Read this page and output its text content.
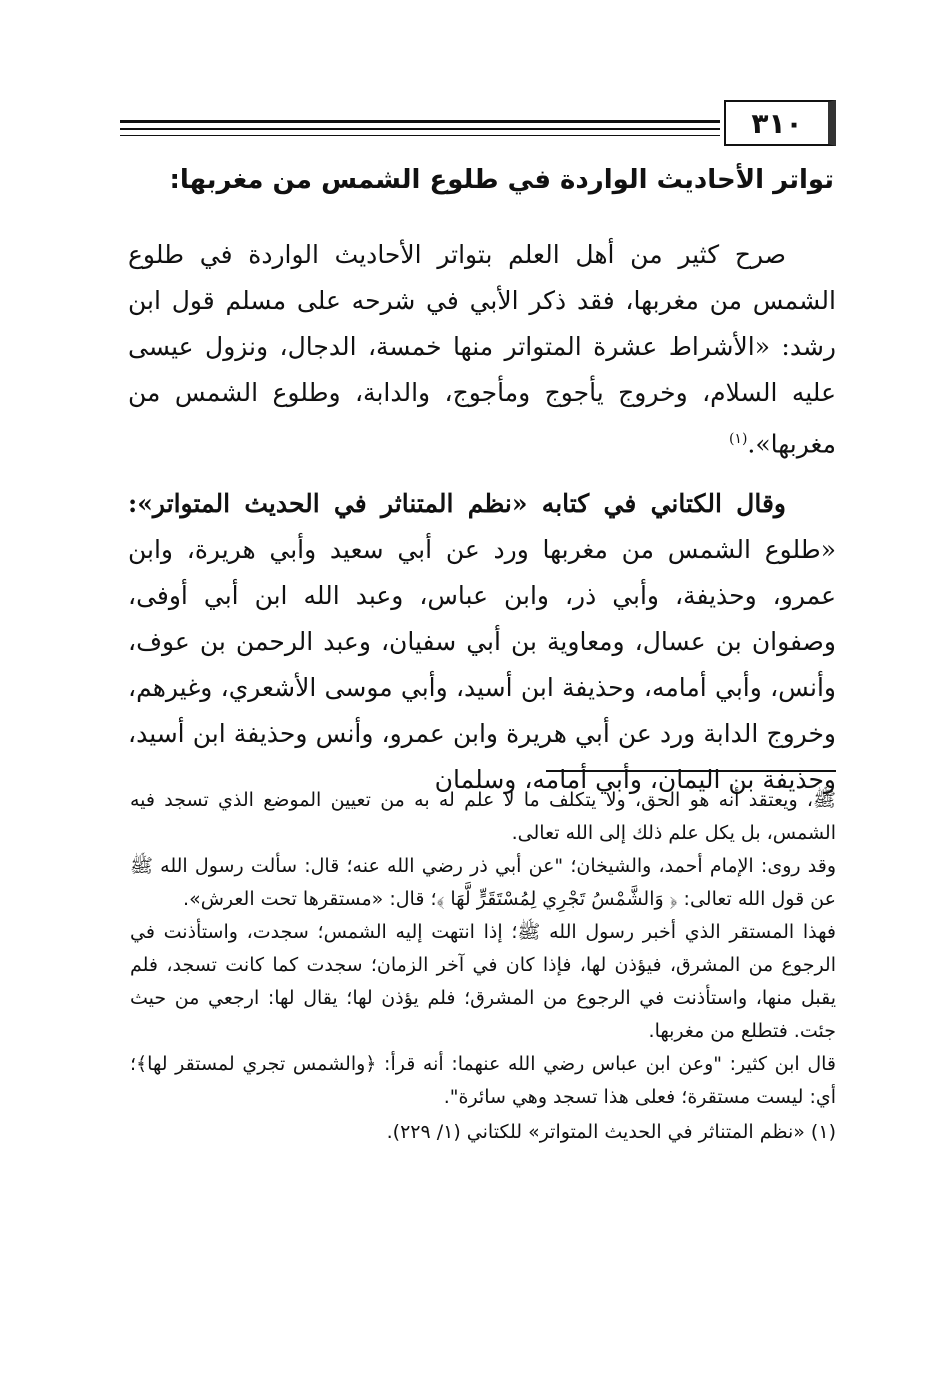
٣١٠
تواتر الأحاديث الواردة في طلوع الشمس من مغربها:

صرح كثير من أهل العلم بتواتر الأحاديث الواردة في طلوع الشمس من مغربها، فقد ذكر الأبي في شرحه على مسلم قول ابن رشد: «الأشراط عشرة المتواتر منها خمسة، الدجال، ونزول عيسى عليه السلام، وخروج يأجوج ومأجوج، والدابة، وطلوع الشمس من مغربها».$^{(١)}$

وقال الكتاني في كتابه «نظم المتناثر في الحديث المتواتر»: «طلوع الشمس من مغربها ورد عن أبي سعيد وأبي هريرة، وابن عمرو، وحذيفة، وأبي ذر، وابن عباس، وعبد الله ابن أبي أوفى، وصفوان بن عسال، ومعاوية بن أبي سفيان، وعبد الرحمن بن عوف، وأنس، وأبي أمامه، وحذيفة ابن أسيد، وأبي موسى الأشعري، وغيرهم، وخروج الدابة ورد عن أبي هريرة وابن عمرو، وأنس وحذيفة ابن أسيد، وحذيفة بن اليمان، وأبي أمامه، وسلمان

ﷺ، ويعتقد أنه هو الحق، ولا يتكلف ما لا علم له به من تعيين الموضع الذي تسجد فيه الشمس، بل يكل علم ذلك إلى الله تعالى.

وقد روى: الإمام أحمد، والشيخان؛ "عن أبي ذر رضي الله عنه؛ قال: سألت رسول الله ﷺ عن قول الله تعالى: ﴿ وَالشَّمْسُ تَجْرِي لِمُسْتَقَرٍّ لَّهَا ﴾؛ قال: «مستقرها تحت العرش».

فهذا المستقر الذي أخبر رسول الله ﷺ؛ إذا انتهت إليه الشمس؛ سجدت، واستأذنت في الرجوع من المشرق، فيؤذن لها، فإذا كان في آخر الزمان؛ سجدت كما كانت تسجد، فلم يقبل منها، واستأذنت في الرجوع من المشرق؛ فلم يؤذن لها؛ يقال لها: ارجعي من حيث جئت. فتطلع من مغربها.

قال ابن كثير: "وعن ابن عباس رضي الله عنهما: أنه قرأ: ﴿والشمس تجري لمستقر لها﴾؛ أي: ليست مستقرة؛ فعلى هذا تسجد وهي سائرة".

(١) «نظم المتناثر في الحديث المتواتر» للكتاني (١/ ٢٢٩).
